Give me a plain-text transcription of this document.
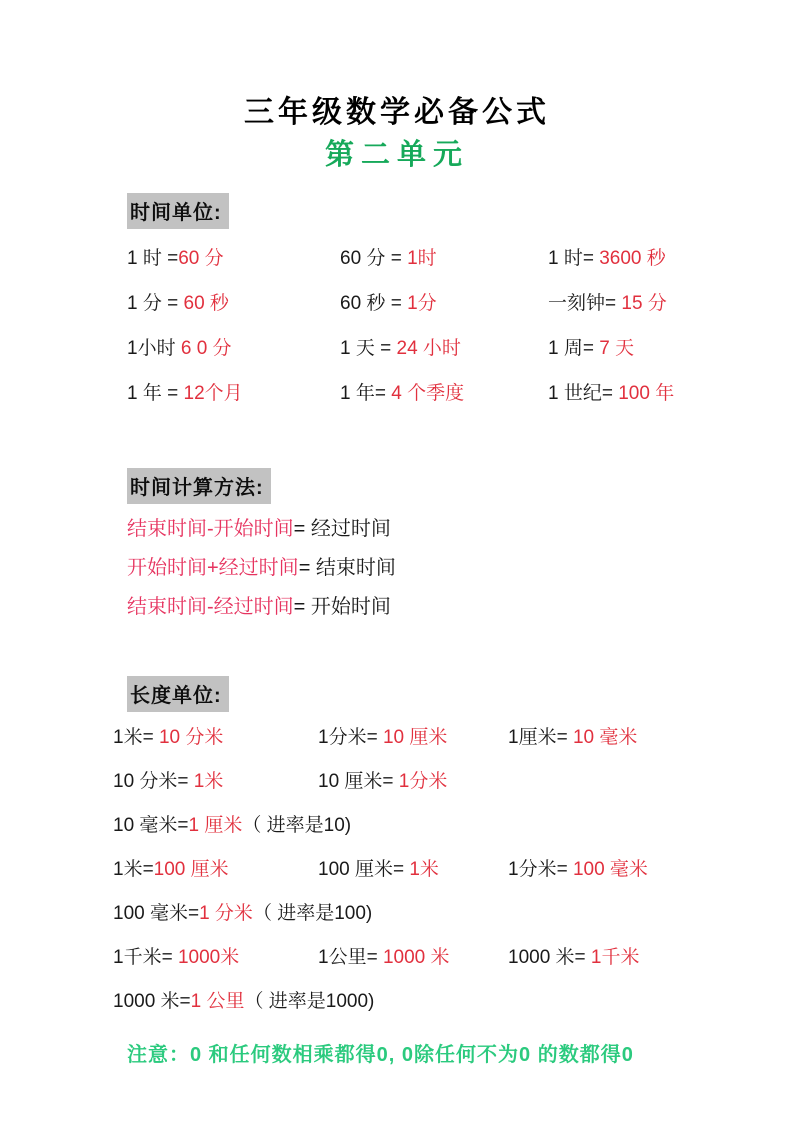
三年级数学必备公式
第二单元
时间单位:
1 时 =60 分	60 分 = 1时	1 时= 3600 秒
1 分 = 60 秒	60 秒 = 1分	一刻钟= 15 分
1小时 6 0 分	1 天 = 24 小时	1 周= 7 天
1 年 = 12个月	1 年= 4 个季度	1 世纪= 100 年
时间计算方法:
结束时间-开始时间= 经过时间
开始时间+经过时间= 结束时间
结束时间-经过时间= 开始时间
长度单位:
1米= 10 分米	1分米= 10 厘米	1厘米= 10 毫米
10 分米= 1米	10 厘米= 1分米
10 毫米=1 厘米（ 进率是10)
1米=100 厘米	100 厘米= 1米	1分米= 100 毫米
100 毫米=1 分米（ 进率是100)
1千米= 1000米	1公里= 1000 米	1000 米= 1千米
1000 米=1 公里（ 进率是1000)
注意：0 和任何数相乘都得0, 0除任何不为0 的数都得0
